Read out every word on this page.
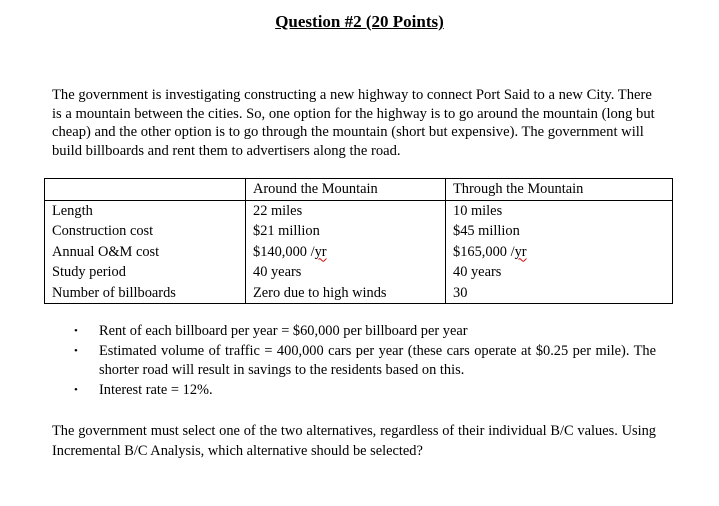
Question #2 (20 Points)
The government is investigating constructing a new highway to connect Port Said to a new City. There is a mountain between the cities. So, one option for the highway is to go around the mountain (long but cheap) and the other option is to go through the mountain (short but expensive). The government will build billboards and rent them to advertisers along the road.
	Around the Mountain	Through the Mountain
Length	22 miles	10 miles
Construction cost	$21 million	$45 million
Annual O&M cost	$140,000 /yr	$165,000 /yr
Study period	40 years	40 years
Number of billboards	Zero due to high winds	30
• Rent of each billboard per year = $60,000 per billboard per year
• Estimated volume of traffic = 400,000 cars per year (these cars operate at $0.25 per mile). The shorter road will result in savings to the residents based on this.
• Interest rate = 12%.
The government must select one of the two alternatives, regardless of their individual B/C values. Using Incremental B/C Analysis, which alternative should be selected?
